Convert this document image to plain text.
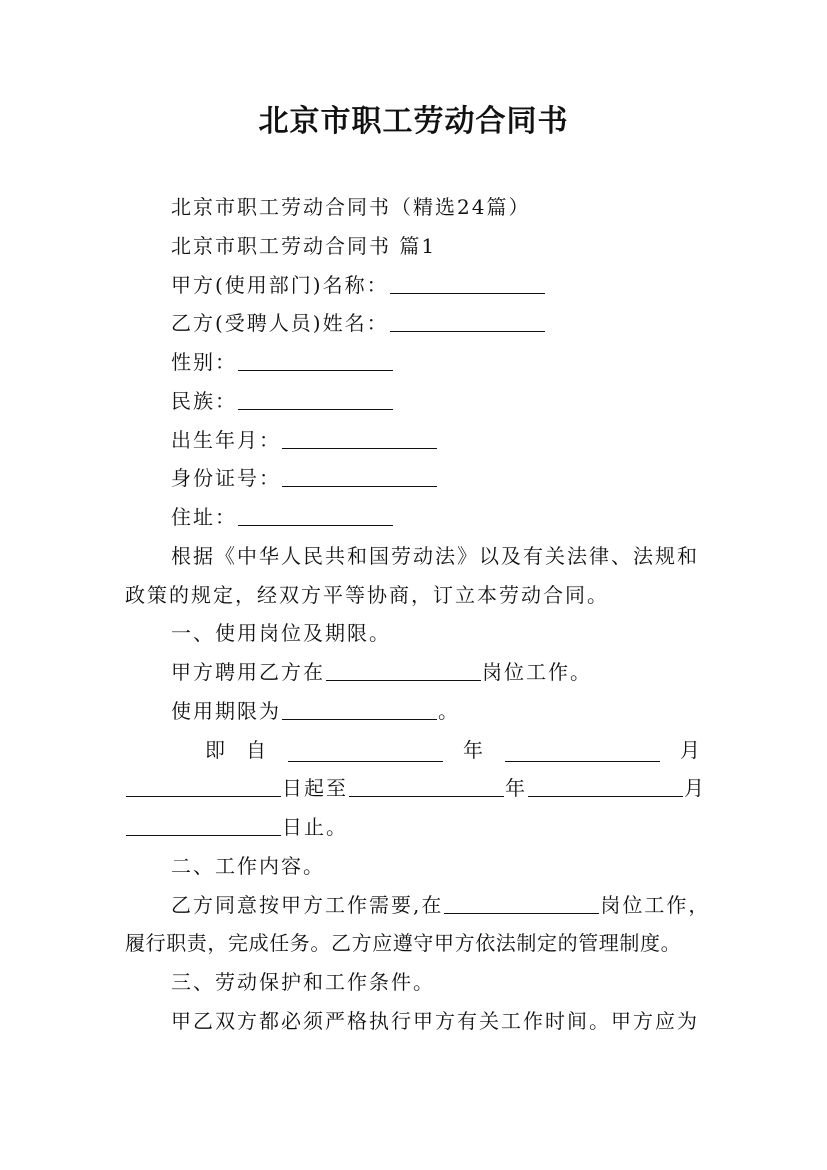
北京市职工劳动合同书
北京市职工劳动合同书（精选24篇）
北京市职工劳动合同书 篇1
甲方(使用部门)名称：
乙方(受聘人员)姓名：
性别：
民族：
出生年月：
身份证号：
住址：
根据《中华人民共和国劳动法》以及有关法律、法规和
政策的规定，经双方平等协商，订立本劳动合同。
一、使用岗位及期限。
甲方聘用乙方在	岗位工作。
使用期限为	。
即 自	年	月
日起至	年	月
日止。
二、工作内容。
乙方同意按甲方工作需要,在	岗位工作，
履行职责，完成任务。乙方应遵守甲方依法制定的管理制度。
三、劳动保护和工作条件。
甲乙双方都必须严格执行甲方有关工作时间。甲方应为
